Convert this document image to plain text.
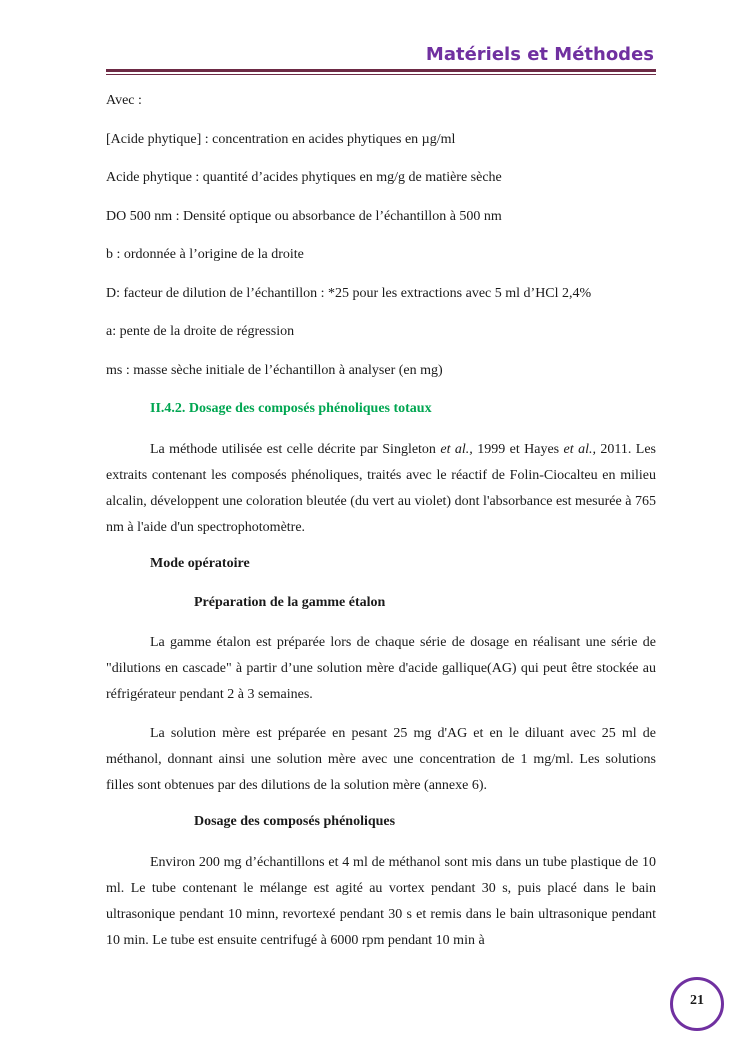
Matériels et Méthodes

Avec :

[Acide phytique] : concentration en acides phytiques en µg/ml

Acide phytique : quantité d’acides phytiques en mg/g de matière sèche

DO 500 nm : Densité optique ou absorbance de l’échantillon à 500 nm

b : ordonnée à l’origine de la droite

D: facteur de dilution de l’échantillon : *25 pour les extractions avec 5 ml d’HCl 2,4%

a: pente de la droite de régression

ms : masse sèche initiale de l’échantillon à analyser (en mg)

II.4.2. Dosage des composés phénoliques totaux

La méthode utilisée est celle décrite par Singleton et al., 1999 et Hayes et al., 2011. Les extraits contenant les composés phénoliques, traités avec le réactif de Folin-Ciocalteu en milieu alcalin, développent une coloration bleutée (du vert au violet) dont l'absorbance est mesurée à 765 nm à l'aide d'un spectrophotomètre.

Mode opératoire

Préparation de la gamme étalon

La gamme étalon est préparée lors de chaque série de dosage en réalisant une série de "dilutions en cascade" à partir d’une solution mère d'acide gallique(AG) qui peut être stockée au réfrigérateur pendant 2 à 3 semaines.

La solution mère est préparée en pesant 25 mg d'AG et en le diluant avec 25 ml de méthanol, donnant ainsi une solution mère avec une concentration de 1 mg/ml. Les solutions filles sont obtenues par des dilutions de la solution mère (annexe 6).

Dosage des composés phénoliques

Environ 200 mg d’échantillons et 4 ml de méthanol sont mis dans un tube plastique de 10 ml. Le tube contenant le mélange est agité au vortex pendant 30 s, puis placé dans le bain ultrasonique pendant 10 minn, revortexé pendant 30 s et remis dans le bain ultrasonique pendant 10 min. Le tube est ensuite centrifugé à 6000 rpm pendant 10 min à

21
